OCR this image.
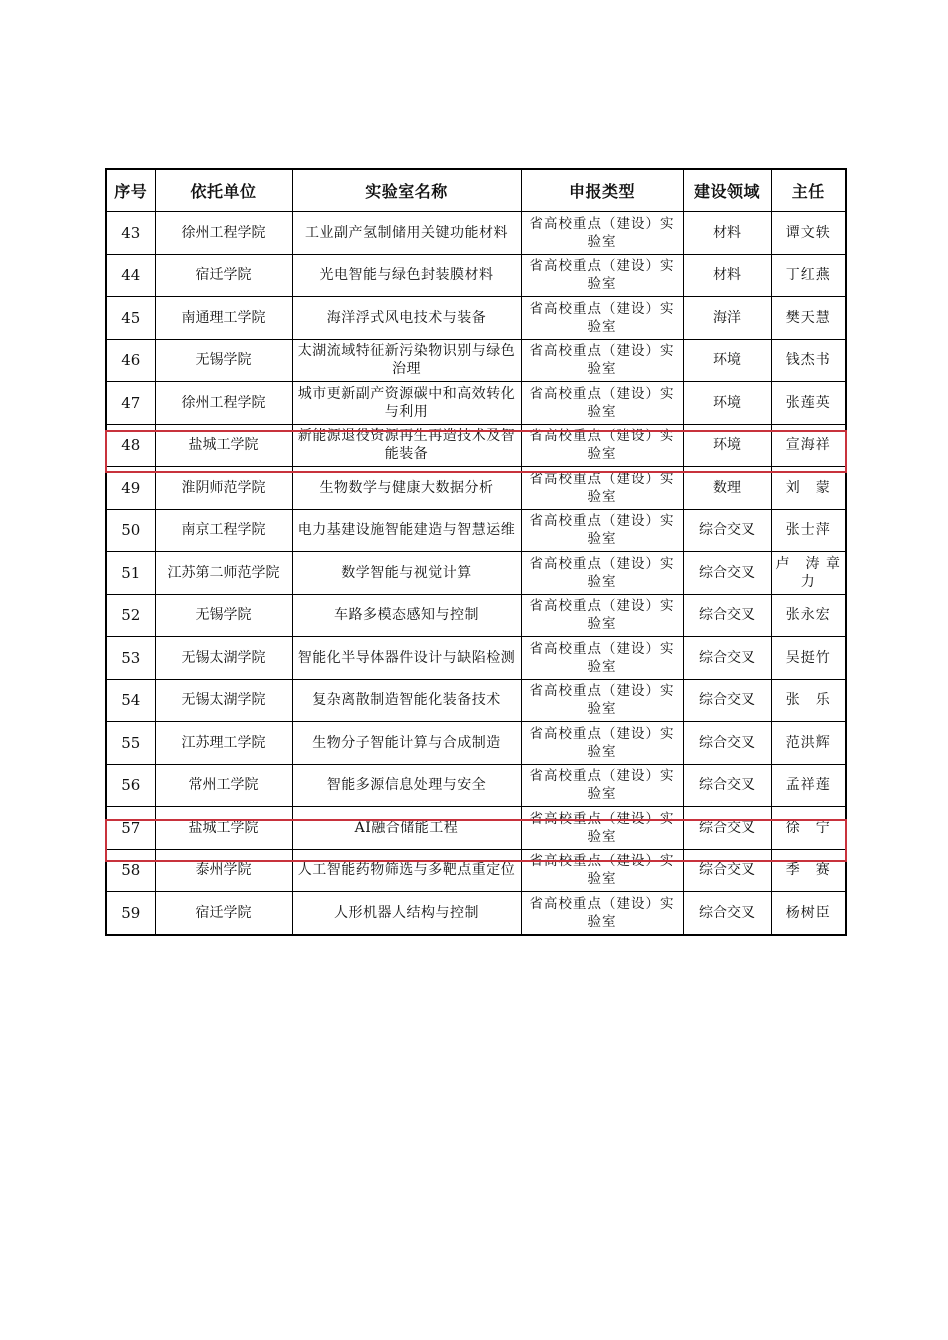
序号	依托单位	实验室名称	申报类型	建设领域	主任
43	徐州工程学院	工业副产氢制储用关键功能材料	省高校重点（建设）实验室	材料	谭文轶
44	宿迁学院	光电智能与绿色封装膜材料	省高校重点（建设）实验室	材料	丁红燕
45	南通理工学院	海洋浮式风电技术与装备	省高校重点（建设）实验室	海洋	樊天慧
46	无锡学院	太湖流域特征新污染物识别与绿色治理	省高校重点（建设）实验室	环境	钱杰书
47	徐州工程学院	城市更新副产资源碳中和高效转化与利用	省高校重点（建设）实验室	环境	张莲英
48	盐城工学院	新能源退役资源再生再造技术及智能装备	省高校重点（建设）实验室	环境	宣海祥
49	淮阴师范学院	生物数学与健康大数据分析	省高校重点（建设）实验室	数理	刘　蒙
50	南京工程学院	电力基建设施智能建造与智慧运维	省高校重点（建设）实验室	综合交叉	张士萍
51	江苏第二师范学院	数学智能与视觉计算	省高校重点（建设）实验室	综合交叉	卢　涛 章　力
52	无锡学院	车路多模态感知与控制	省高校重点（建设）实验室	综合交叉	张永宏
53	无锡太湖学院	智能化半导体器件设计与缺陷检测	省高校重点（建设）实验室	综合交叉	吴挺竹
54	无锡太湖学院	复杂离散制造智能化装备技术	省高校重点（建设）实验室	综合交叉	张　乐
55	江苏理工学院	生物分子智能计算与合成制造	省高校重点（建设）实验室	综合交叉	范洪辉
56	常州工学院	智能多源信息处理与安全	省高校重点（建设）实验室	综合交叉	孟祥莲
57	盐城工学院	AI融合储能工程	省高校重点（建设）实验室	综合交叉	徐　宁
58	泰州学院	人工智能药物筛选与多靶点重定位	省高校重点（建设）实验室	综合交叉	季　赛
59	宿迁学院	人形机器人结构与控制	省高校重点（建设）实验室	综合交叉	杨树臣
